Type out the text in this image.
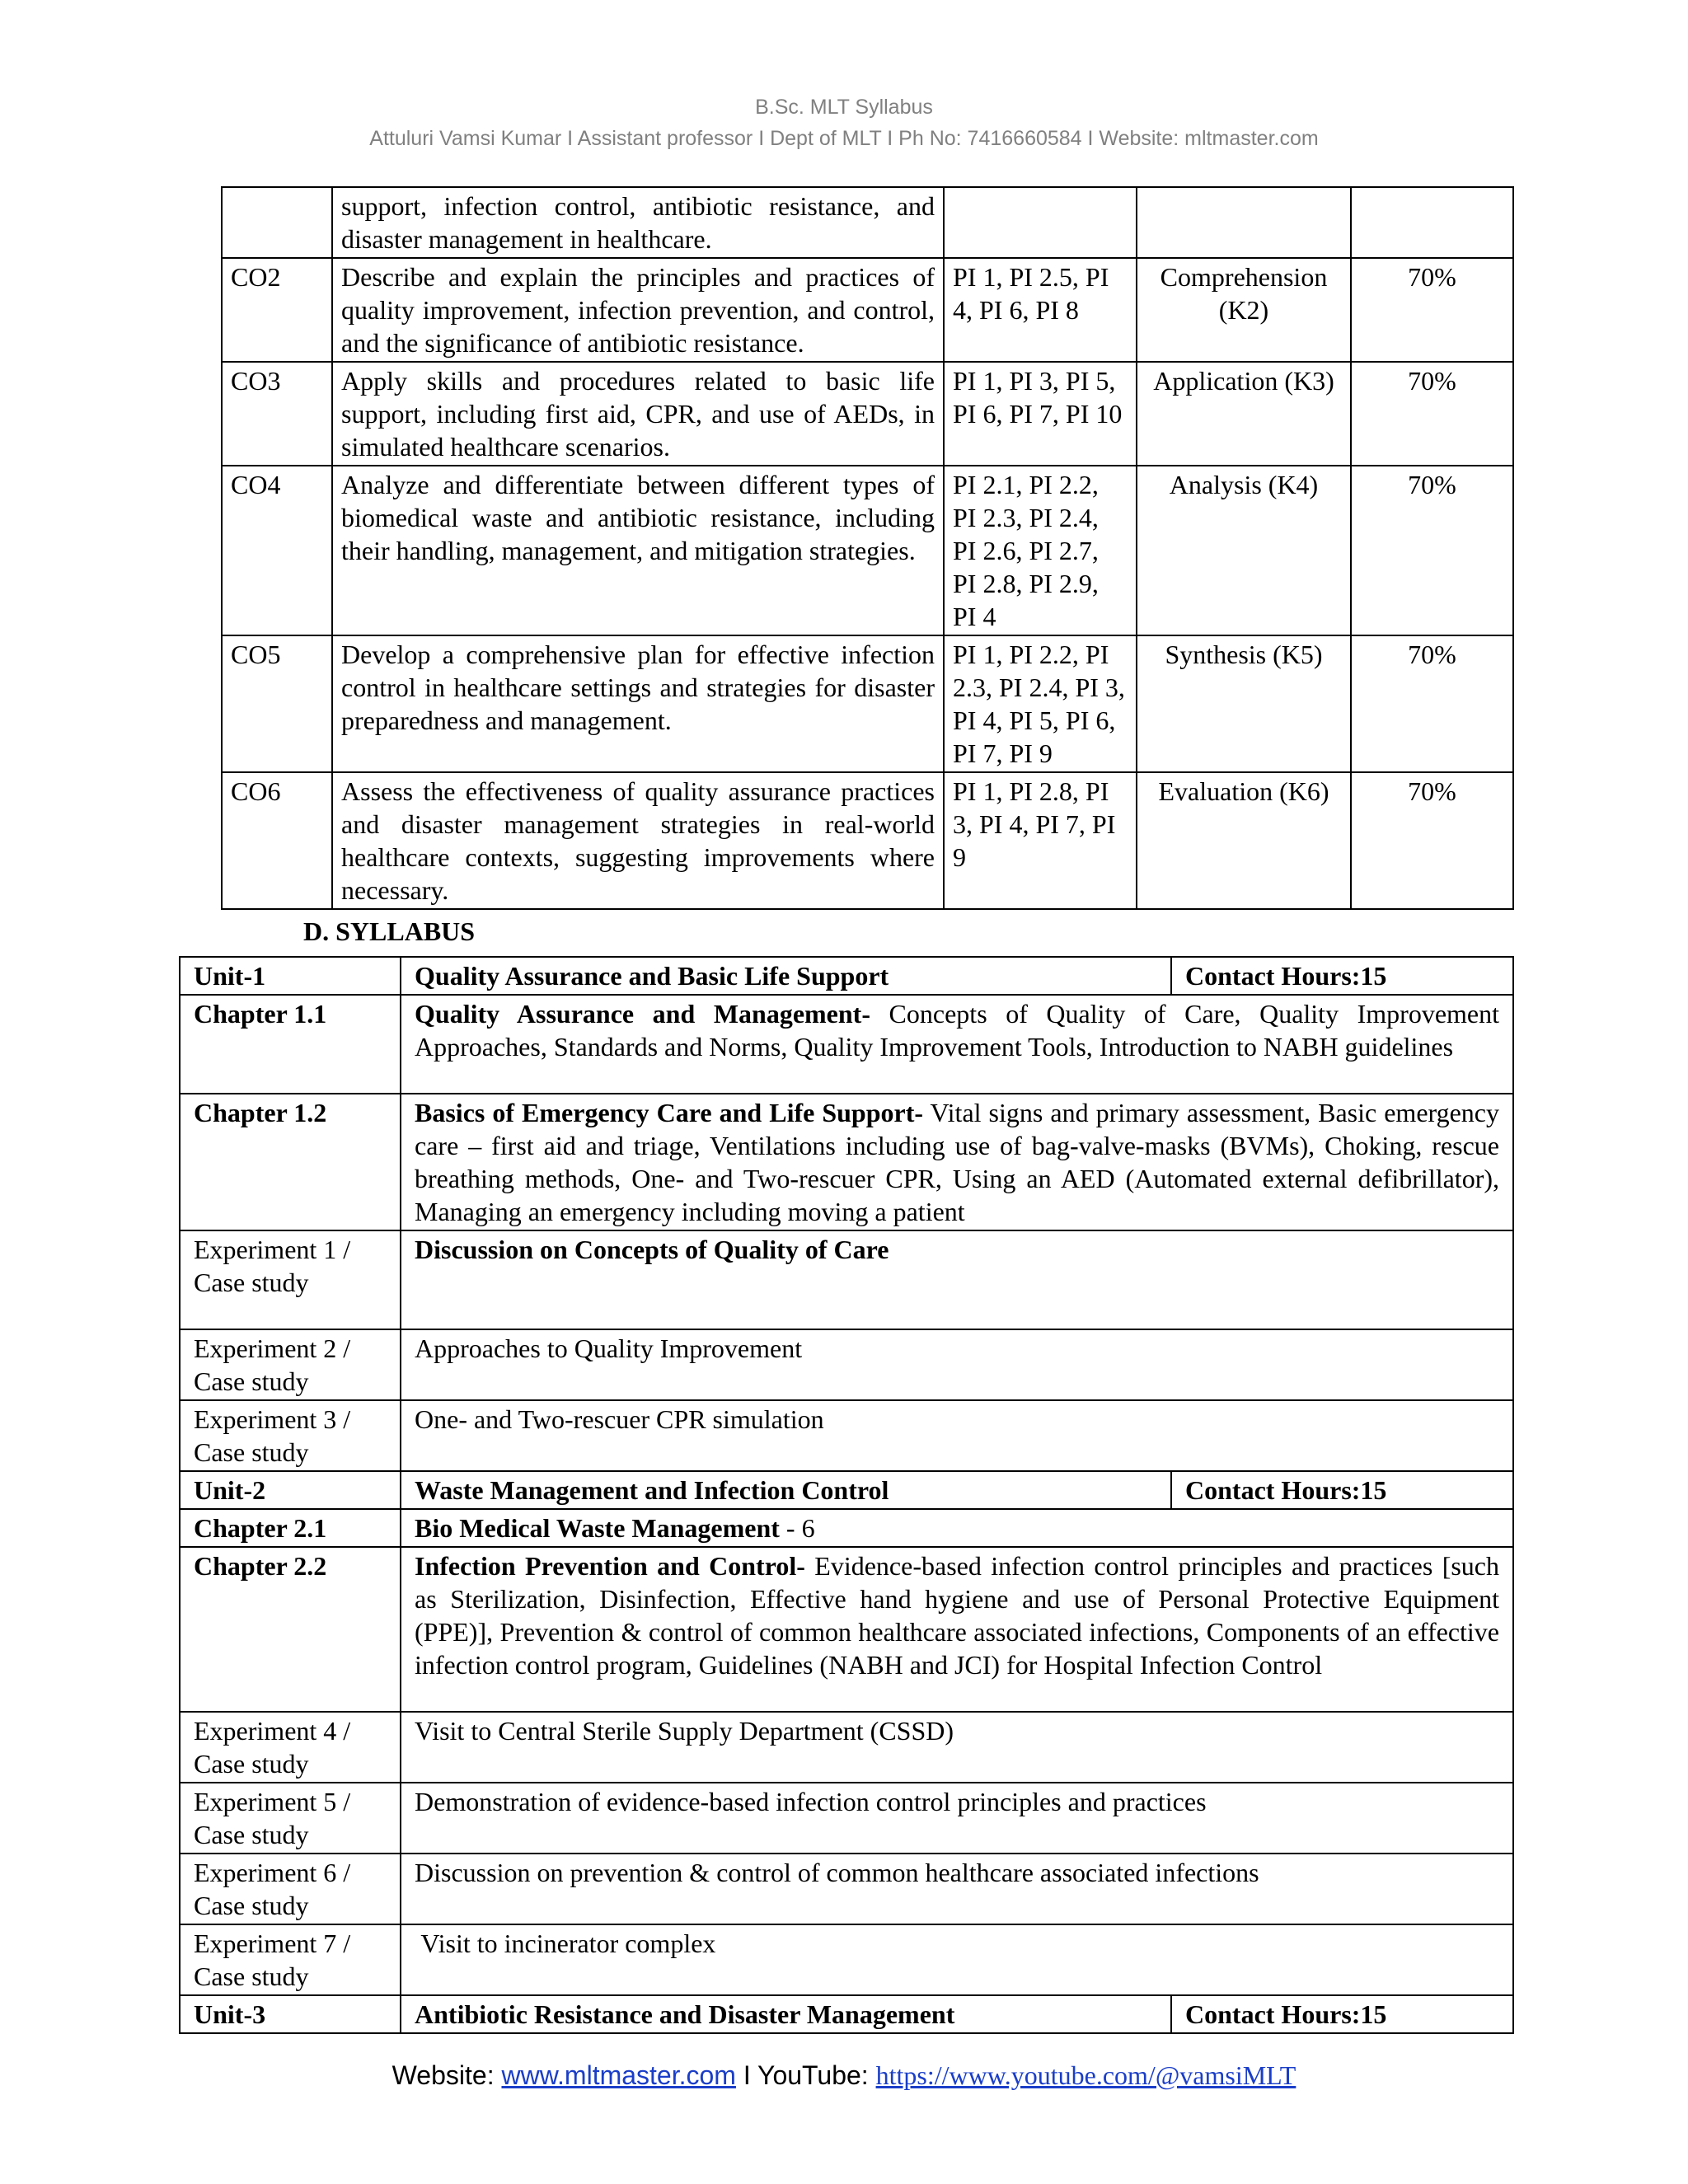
B.Sc. MLT Syllabus
Attuluri Vamsi Kumar I Assistant professor I Dept of MLT I Ph No: 7416660584 I Website: mltmaster.com
	support, infection control, antibiotic resistance, and disaster management in healthcare.			
CO2	Describe and explain the principles and practices of quality improvement, infection prevention, and control, and the significance of antibiotic resistance.	PI 1, PI 2.5, PI 4, PI 6, PI 8	Comprehension (K2)	70%
CO3	Apply skills and procedures related to basic life support, including first aid, CPR, and use of AEDs, in simulated healthcare scenarios.	PI 1, PI 3, PI 5, PI 6, PI 7, PI 10	Application (K3)	70%
CO4	Analyze and differentiate between different types of biomedical waste and antibiotic resistance, including their handling, management, and mitigation strategies.	PI 2.1, PI 2.2, PI 2.3, PI 2.4, PI 2.6, PI 2.7, PI 2.8, PI 2.9, PI 4	Analysis (K4)	70%
CO5	Develop a comprehensive plan for effective infection control in healthcare settings and strategies for disaster preparedness and management.	PI 1, PI 2.2, PI 2.3, PI 2.4, PI 3, PI 4, PI 5, PI 6, PI 7, PI 9	Synthesis (K5)	70%
CO6	Assess the effectiveness of quality assurance practices and disaster management strategies in real-world healthcare contexts, suggesting improvements where necessary.	PI 1, PI 2.8, PI 3, PI 4, PI 7, PI 9	Evaluation (K6)	70%
D. SYLLABUS
Unit-1	Quality Assurance and Basic Life Support	Contact Hours:15
Chapter 1.1	Quality Assurance and Management- Concepts of Quality of Care, Quality Improvement Approaches, Standards and Norms, Quality Improvement Tools, Introduction to NABH guidelines	
Chapter 1.2	Basics of Emergency Care and Life Support- Vital signs and primary assessment, Basic emergency care – first aid and triage, Ventilations including use of bag-valve-masks (BVMs), Choking, rescue breathing methods, One- and Two-rescuer CPR, Using an AED (Automated external defibrillator), Managing an emergency including moving a patient	
Experiment 1 / Case study	Discussion on Concepts of Quality of Care	
Experiment 2 / Case study	Approaches to Quality Improvement	
Experiment 3 / Case study	One- and Two-rescuer CPR simulation	
Unit-2	Waste Management and Infection Control	Contact Hours:15
Chapter 2.1	Bio Medical Waste Management - 6	
Chapter 2.2	Infection Prevention and Control- Evidence-based infection control principles and practices [such as Sterilization, Disinfection, Effective hand hygiene and use of Personal Protective Equipment (PPE)], Prevention & control of common healthcare associated infections, Components of an effective infection control program, Guidelines (NABH and JCI) for Hospital Infection Control	
Experiment 4 / Case study	Visit to Central Sterile Supply Department (CSSD)	
Experiment 5 / Case study	Demonstration of evidence-based infection control principles and practices	
Experiment 6 / Case study	Discussion on prevention & control of common healthcare associated infections	
Experiment 7 / Case study	Visit to incinerator complex	
Unit-3	Antibiotic Resistance and Disaster Management	Contact Hours:15
Website: www.mltmaster.com I YouTube: https://www.youtube.com/@vamsiMLT
